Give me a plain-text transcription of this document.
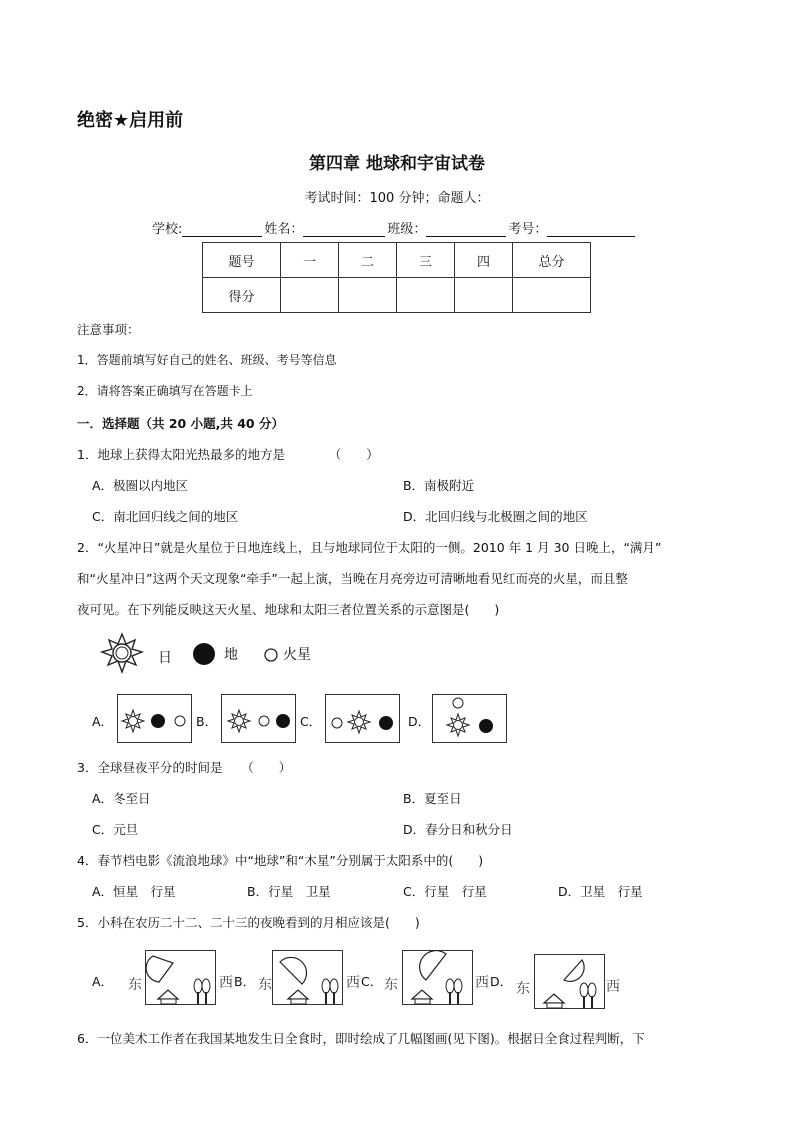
绝密★启用前
第四章 地球和宇宙试卷
考试时间：100 分钟；命题人：
学校:	姓名：	班级：	考号：
题号	一	二	三	四	总分
得分					
注意事项：
1．答题前填写好自己的姓名、班级、考号等信息
2．请将答案正确填写在答题卡上
一．选择题（共 20 小题,共 40 分）
1．地球上获得太阳光热最多的地方是　　　　（　　）
A．极圈以内地区	B．南极附近
C．南北回归线之间的地区	D．北回归线与北极圈之间的地区
2．“火星冲日”就是火星位于日地连线上，且与地球同位于太阳的一侧。2010 年 1 月 30 日晚上，“满月”
和“火星冲日”这两个天文现象“牵手”一起上演，当晚在月亮旁边可清晰地看见红而亮的火星，而且整
夜可见。在下列能反映这天火星、地球和太阳三者位置关系的示意图是(　　)
日	地	火星
A．	B．	C．	D．
3．全球昼夜平分的时间是　　（　　）
A．冬至日	B．夏至日
C．元旦	D．春分日和秋分日
4．春节档电影《流浪地球》中“地球”和“木星”分别属于太阳系中的(　　)
A．恒星　行星	B．行星　卫星	C．行星　行星	D．卫星　行星
5．小科在农历二十二、二十三的夜晚看到的月相应该是(　　)
A． 东	西 B． 东	西 C． 东	西 D． 东	西
6．一位美术工作者在我国某地发生日全食时，即时绘成了几幅图画(见下图)。根据日全食过程判断，下
